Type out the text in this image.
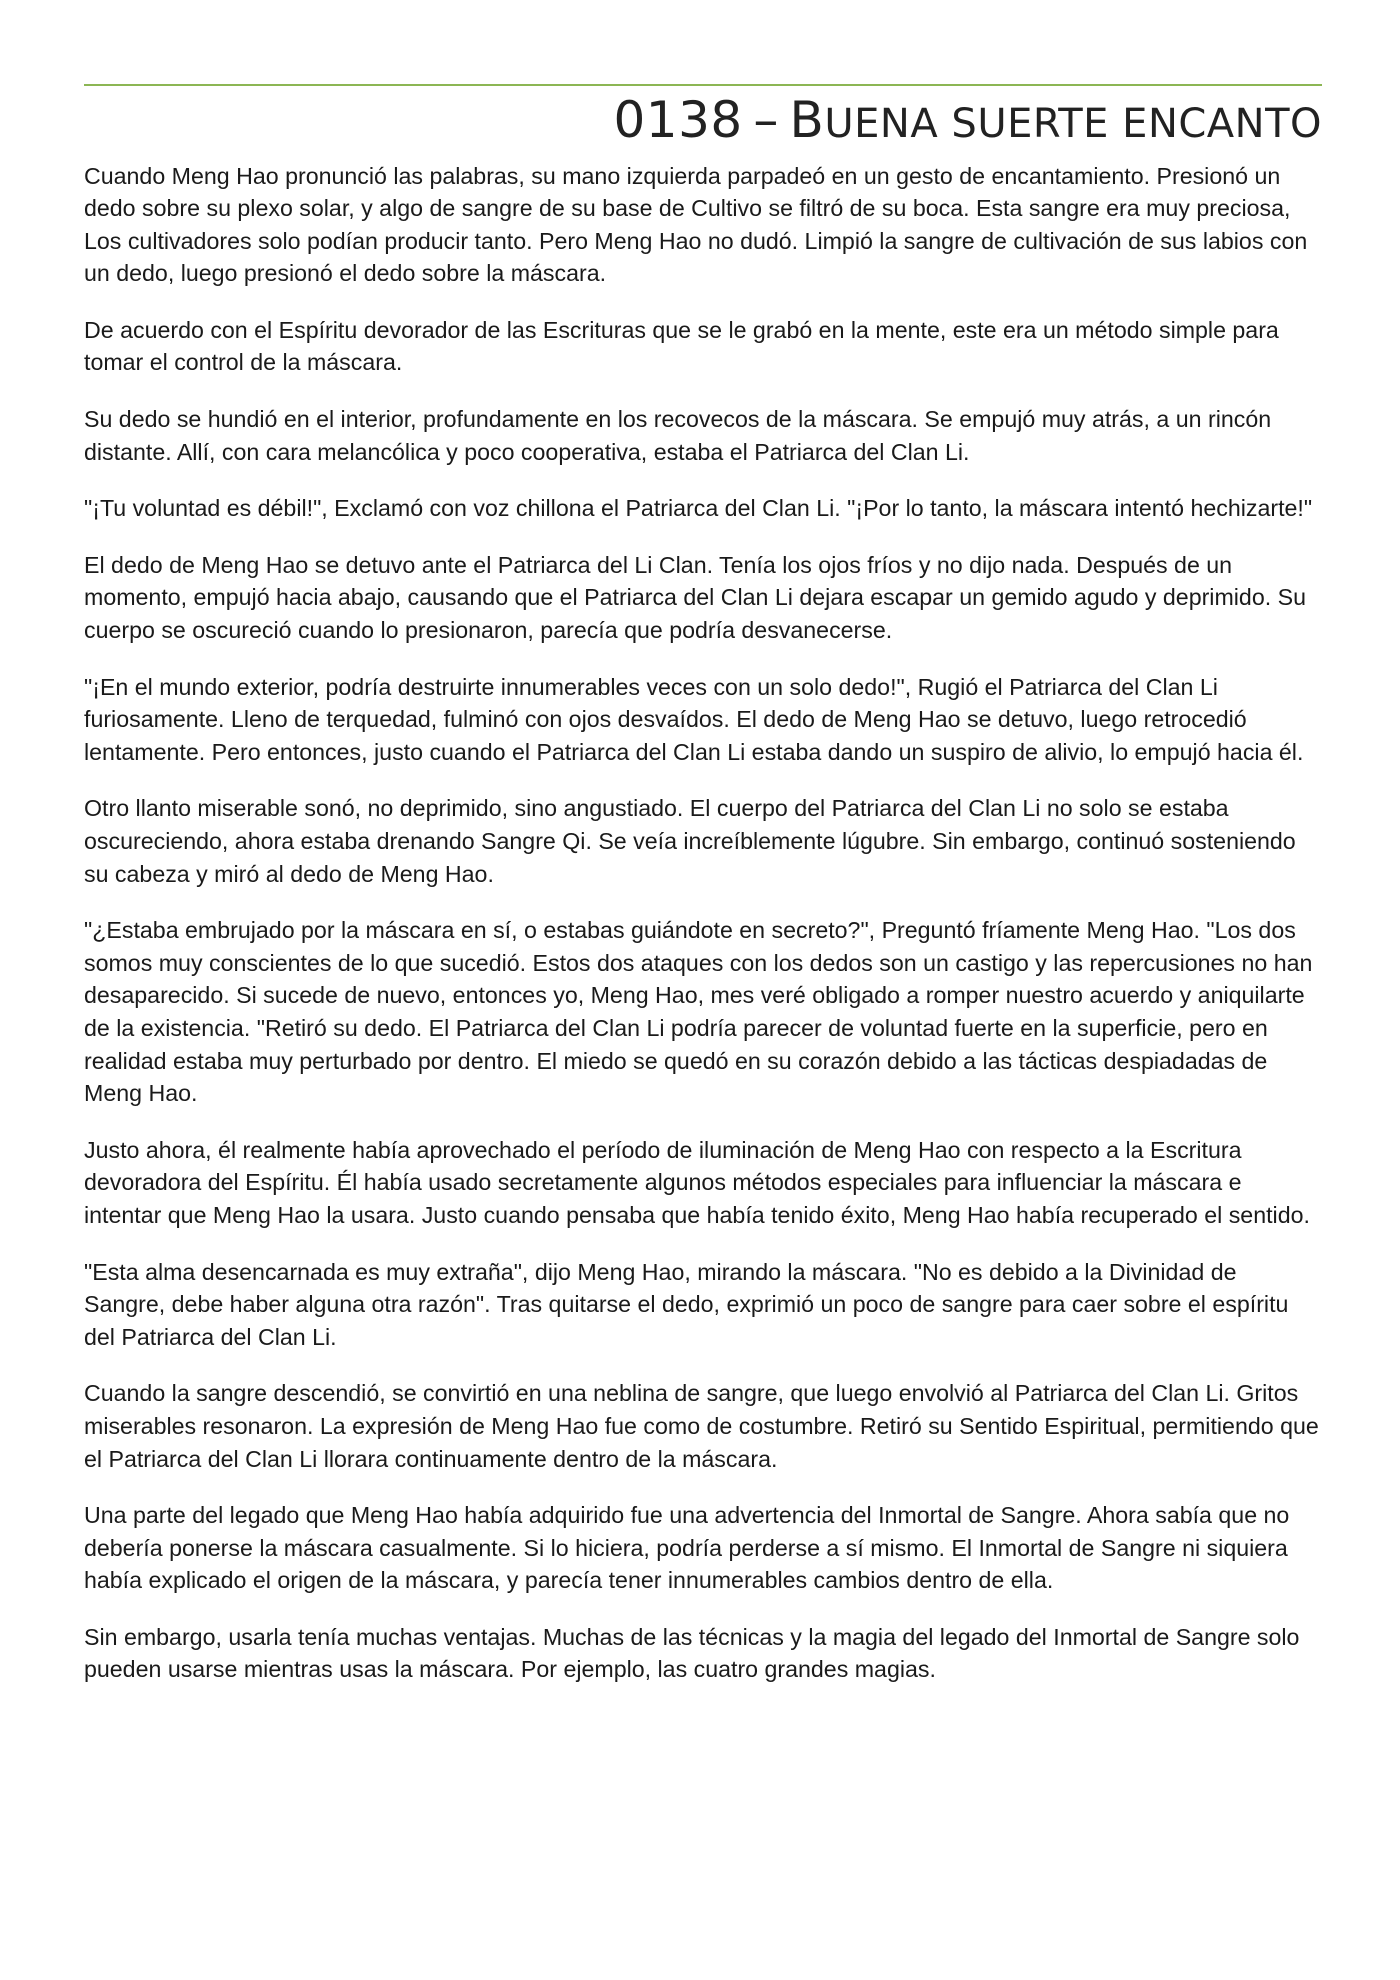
0138 – BUENA SUERTE ENCANTO

Cuando Meng Hao pronunció las palabras, su mano izquierda parpadeó en un gesto de encantamiento. Presionó un dedo sobre su plexo solar, y algo de sangre de su base de Cultivo se filtró de su boca. Esta sangre era muy preciosa, Los cultivadores solo podían producir tanto. Pero Meng Hao no dudó. Limpió la sangre de cultivación de sus labios con un dedo, luego presionó el dedo sobre la máscara.

De acuerdo con el Espíritu devorador de las Escrituras que se le grabó en la mente, este era un método simple para tomar el control de la máscara.

Su dedo se hundió en el interior, profundamente en los recovecos de la máscara. Se empujó muy atrás, a un rincón distante. Allí, con cara melancólica y poco cooperativa, estaba el Patriarca del Clan Li.

"¡Tu voluntad es débil!", Exclamó con voz chillona el Patriarca del Clan Li. "¡Por lo tanto, la máscara intentó hechizarte!"

El dedo de Meng Hao se detuvo ante el Patriarca del Li Clan. Tenía los ojos fríos y no dijo nada. Después de un momento, empujó hacia abajo, causando que el Patriarca del Clan Li dejara escapar un gemido agudo y deprimido. Su cuerpo se oscureció cuando lo presionaron, parecía que podría desvanecerse.

"¡En el mundo exterior, podría destruirte innumerables veces con un solo dedo!", Rugió el Patriarca del Clan Li furiosamente. Lleno de terquedad, fulminó con ojos desvaídos. El dedo de Meng Hao se detuvo, luego retrocedió lentamente. Pero entonces, justo cuando el Patriarca del Clan Li estaba dando un suspiro de alivio, lo empujó hacia él.

Otro llanto miserable sonó, no deprimido, sino angustiado. El cuerpo del Patriarca del Clan Li no solo se estaba oscureciendo, ahora estaba drenando Sangre Qi. Se veía increíblemente lúgubre. Sin embargo, continuó sosteniendo su cabeza y miró al dedo de Meng Hao.

"¿Estaba embrujado por la máscara en sí, o estabas guiándote en secreto?", Preguntó fríamente Meng Hao. "Los dos somos muy conscientes de lo que sucedió. Estos dos ataques con los dedos son un castigo y las repercusiones no han desaparecido. Si sucede de nuevo, entonces yo, Meng Hao, mes veré obligado a romper nuestro acuerdo y aniquilarte de la existencia. "Retiró su dedo. El Patriarca del Clan Li podría parecer de voluntad fuerte en la superficie, pero en realidad estaba muy perturbado por dentro. El miedo se quedó en su corazón debido a las tácticas despiadadas de Meng Hao.

Justo ahora, él realmente había aprovechado el período de iluminación de Meng Hao con respecto a la Escritura devoradora del Espíritu. Él había usado secretamente algunos métodos especiales para influenciar la máscara e intentar que Meng Hao la usara. Justo cuando pensaba que había tenido éxito, Meng Hao había recuperado el sentido.

"Esta alma desencarnada es muy extraña", dijo Meng Hao, mirando la máscara. "No es debido a la Divinidad de Sangre, debe haber alguna otra razón". Tras quitarse el dedo, exprimió un poco de sangre para caer sobre el espíritu del Patriarca del Clan Li.

Cuando la sangre descendió, se convirtió en una neblina de sangre, que luego envolvió al Patriarca del Clan Li. Gritos miserables resonaron. La expresión de Meng Hao fue como de costumbre. Retiró su Sentido Espiritual, permitiendo que el Patriarca del Clan Li llorara continuamente dentro de la máscara.

Una parte del legado que Meng Hao había adquirido fue una advertencia del Inmortal de Sangre. Ahora sabía que no debería ponerse la máscara casualmente. Si lo hiciera, podría perderse a sí mismo. El Inmortal de Sangre ni siquiera había explicado el origen de la máscara, y parecía tener innumerables cambios dentro de ella.

Sin embargo, usarla tenía muchas ventajas. Muchas de las técnicas y la magia del legado del Inmortal de Sangre solo pueden usarse mientras usas la máscara. Por ejemplo, las cuatro grandes magias.
